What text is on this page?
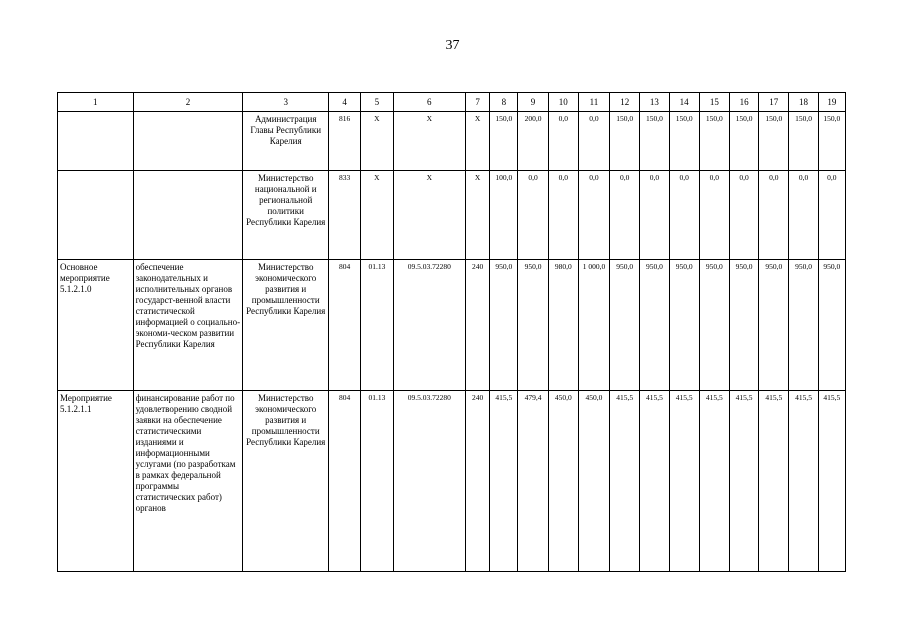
37
1	2	3	4	5	6	7	8	9	10	11	12	13	14	15	16	17	18	19
		Администрация Главы Республики Карелия	816	Х	Х	Х	150,0	200,0	0,0	0,0	150,0	150,0	150,0	150,0	150,0	150,0	150,0	150,0
		Министерство национальной и региональной политики Республики Карелия	833	Х	Х	Х	100,0	0,0	0,0	0,0	0,0	0,0	0,0	0,0	0,0	0,0	0,0	0,0
Основное мероприятие 5.1.2.1.0	обеспечение законодательных и исполнительных органов государст-венной власти статистической информацией о социально-экономи-ческом развитии Республики Карелия	Министерство экономического развития и промышленности Республики Карелия	804	01.13	09.5.03.72280	240	950,0	950,0	980,0	1 000,0	950,0	950,0	950,0	950,0	950,0	950,0	950,0	950,0
Мероприятие 5.1.2.1.1	финансирование работ по удовлетворению сводной заявки на обеспечение статистическими изданиями и информационными услугами (по разработкам в рамках федеральной программы статистических работ) органов	Министерство экономического развития и промышленности Республики Карелия	804	01.13	09.5.03.72280	240	415,5	479,4	450,0	450,0	415,5	415,5	415,5	415,5	415,5	415,5	415,5	415,5
